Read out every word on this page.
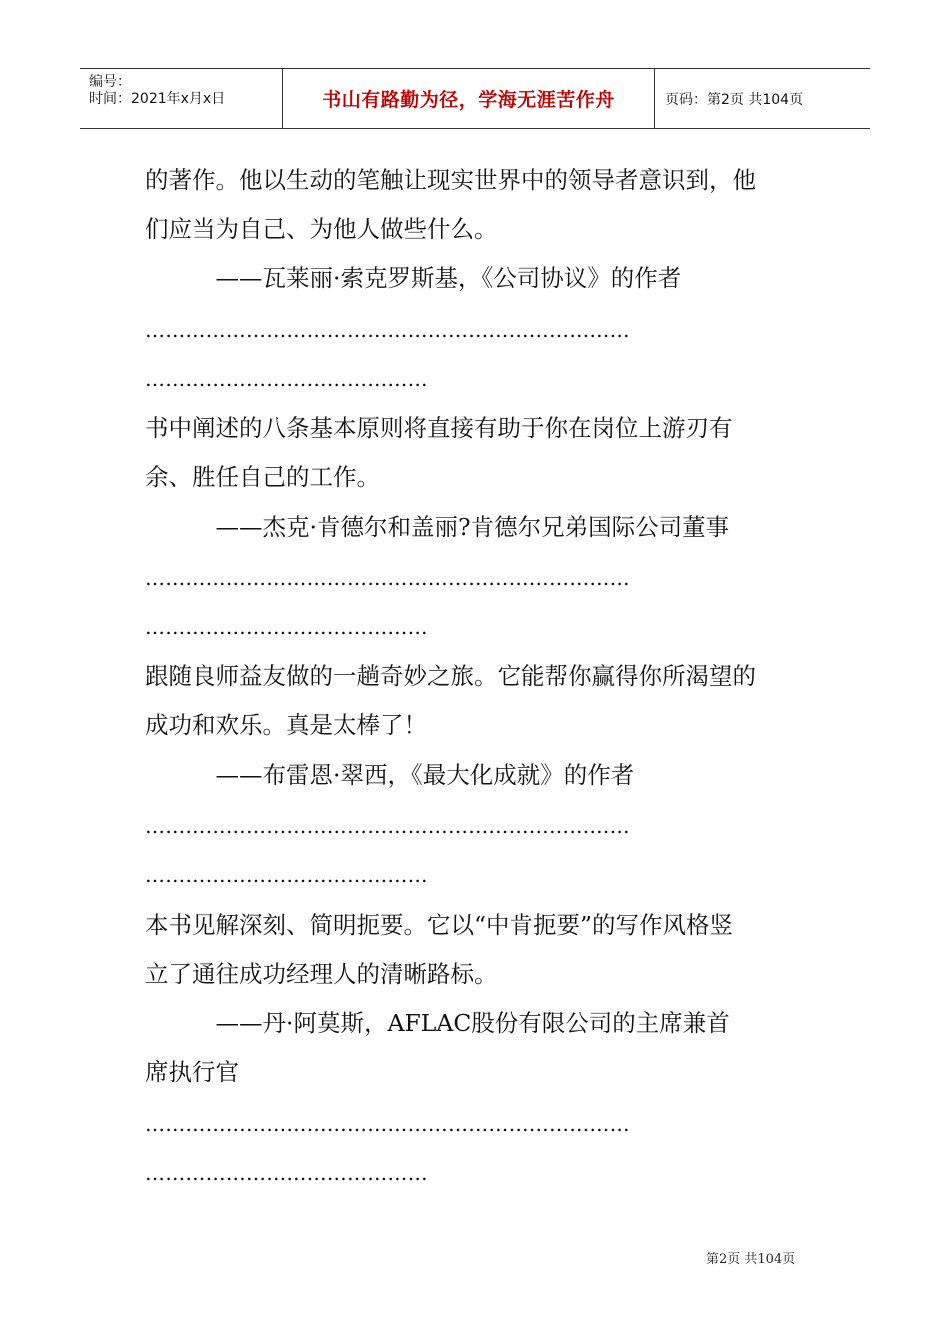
编号：
时间：2021年x月x日	书山有路勤为径，学海无涯苦作舟	页码：第2页 共104页
的著作。他以生动的笔触让现实世界中的领导者意识到，他
们应当为自己、为他人做些什么。
　　　——瓦莱丽·索克罗斯基，《公司协议》的作者
………………………………………………………………
……………………………………
书中阐述的八条基本原则将直接有助于你在岗位上游刃有
余、胜任自己的工作。
　　　——杰克·肯德尔和盖丽?肯德尔兄弟国际公司董事
………………………………………………………………
……………………………………
跟随良师益友做的一趟奇妙之旅。它能帮你赢得你所渴望的
成功和欢乐。真是太棒了！
　　　——布雷恩·翠西，《最大化成就》的作者
………………………………………………………………
……………………………………
本书见解深刻、简明扼要。它以“中肯扼要”的写作风格竖
立了通往成功经理人的清晰路标。
　　　——丹·阿莫斯，AFLAC股份有限公司的主席兼首
席执行官
………………………………………………………………
……………………………………
第2页 共104页
